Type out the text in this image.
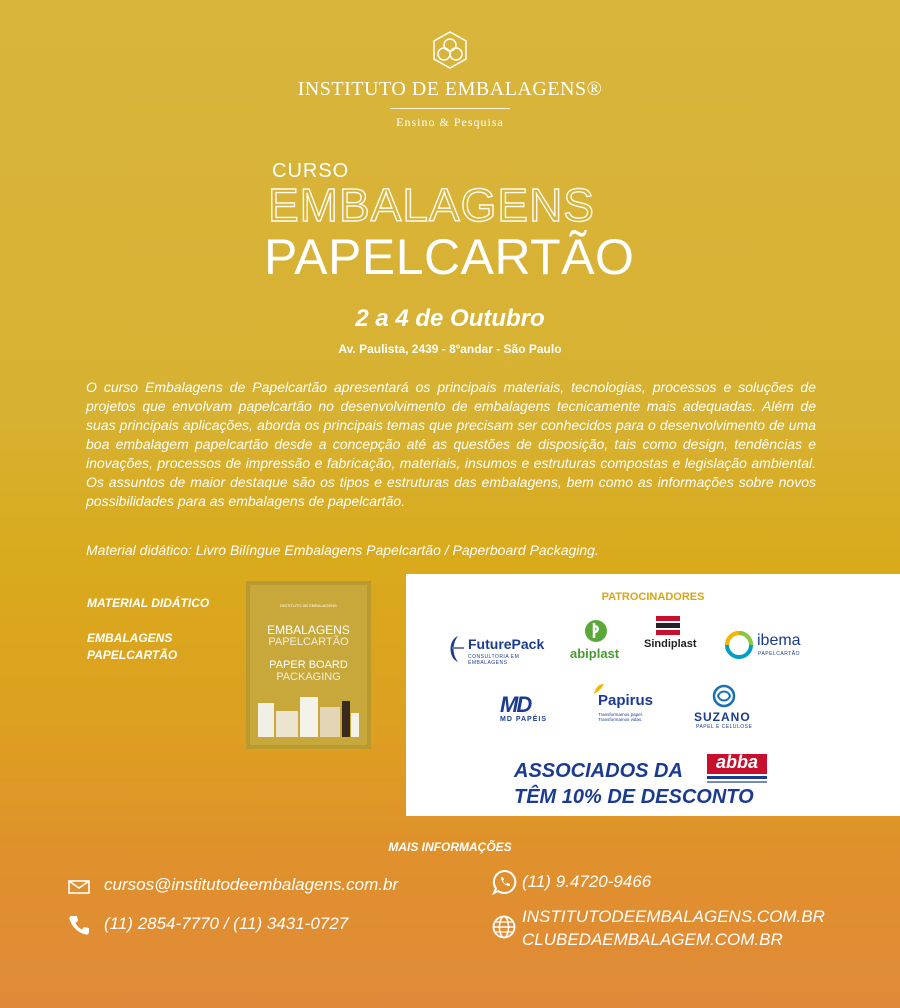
INSTITUTO DE EMBALAGENS®
Ensino & Pesquisa
CURSO
EMBALAGENS
PAPELCARTÃO
2 a 4 de Outubro
Av. Paulista, 2439 - 8ºandar - São Paulo
O curso Embalagens de Papelcartão apresentará os principais materiais, tecnologias, processos e soluções de projetos que envolvam papelcartão no desenvolvimento de embalagens tecnicamente mais adequadas. Além de suas principais aplicações, aborda os principais temas que precisam ser conhecidos para o desenvolvimento de uma boa embalagem papelcartão desde a concepção até as questões de disposição, tais como design, tendências e inovações, processos de impressão e fabricação, materiais, insumos e estruturas compostas e legislação ambiental. Os assuntos de maior destaque são os tipos e estruturas das embalagens, bem como as informações sobre novos possibilidades para as embalagens de papelcartão.
Material didático: Livro Bilíngue Embalagens Papelcartão / Paperboard Packaging.
MATERIAL DIDÁTICO
EMBALAGENS PAPELCARTÃO
INSTITUTO DE EMBALAGENS
EMBALAGENS
PAPELCARTÃO
PAPER BOARD
PACKAGING
PATROCINADORES
FuturePack
CONSULTORIA EM EMBALAGENS
abiplast
Sindiplast	ibema
PAPELCARTÃO
MD
MD PAPÉIS
Papirus
Transformamos papel. Transformamos vidas.	SUZANO
PAPEL E CELULOSE
ASSOCIADOS DA	abba
TÊM 10% DE DESCONTO
MAIS INFORMAÇÕES
cursos@institutodeembalagens.com.br
(11) 2854-7770 / (11) 3431-0727
(11) 9.4720-9466
INSTITUTODEEMBALAGENS.COM.BR
CLUBEDAEMBALAGEM.COM.BR
